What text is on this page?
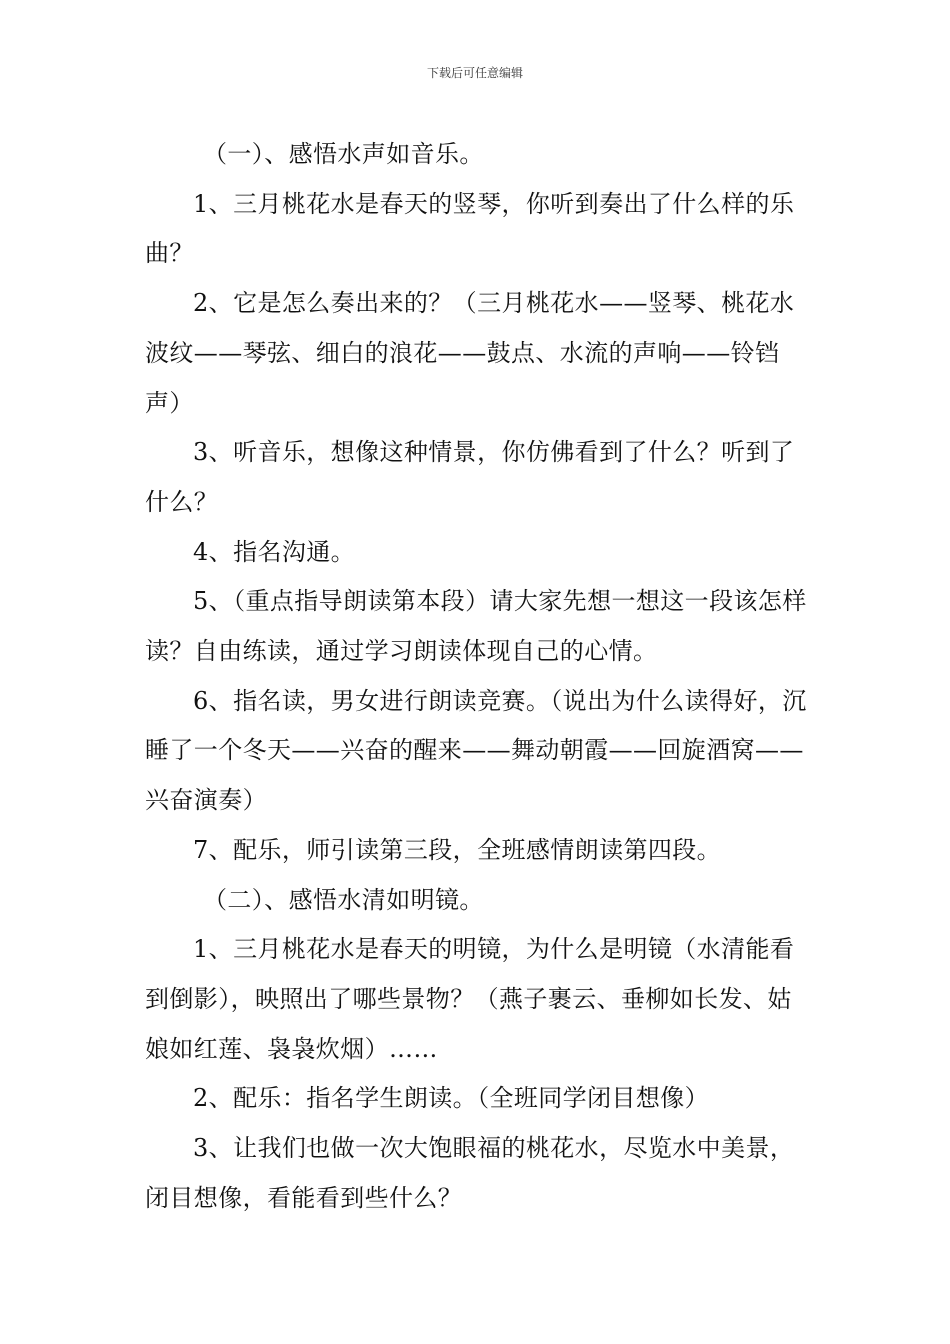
下载后可任意编辑

（一）、感悟水声如音乐。

1、三月桃花水是春天的竖琴，你听到奏出了什么样的乐曲？

2、它是怎么奏出来的？（三月桃花水——竖琴、桃花水波纹——琴弦、细白的浪花——鼓点、水流的声响——铃铛声）

3、听音乐，想像这种情景，你仿佛看到了什么？听到了什么？

4、指名沟通。

5、（重点指导朗读第本段）请大家先想一想这一段该怎样读？自由练读，通过学习朗读体现自己的心情。

6、指名读，男女进行朗读竞赛。（说出为什么读得好，沉睡了一个冬天——兴奋的醒来——舞动朝霞——回旋酒窝——兴奋演奏）

7、配乐，师引读第三段，全班感情朗读第四段。

（二）、感悟水清如明镜。

1、三月桃花水是春天的明镜，为什么是明镜（水清能看到倒影），映照出了哪些景物？（燕子裹云、垂柳如长发、姑娘如红莲、袅袅炊烟）……

2、配乐：指名学生朗读。（全班同学闭目想像）

3、让我们也做一次大饱眼福的桃花水，尽览水中美景，闭目想像，看能看到些什么？
